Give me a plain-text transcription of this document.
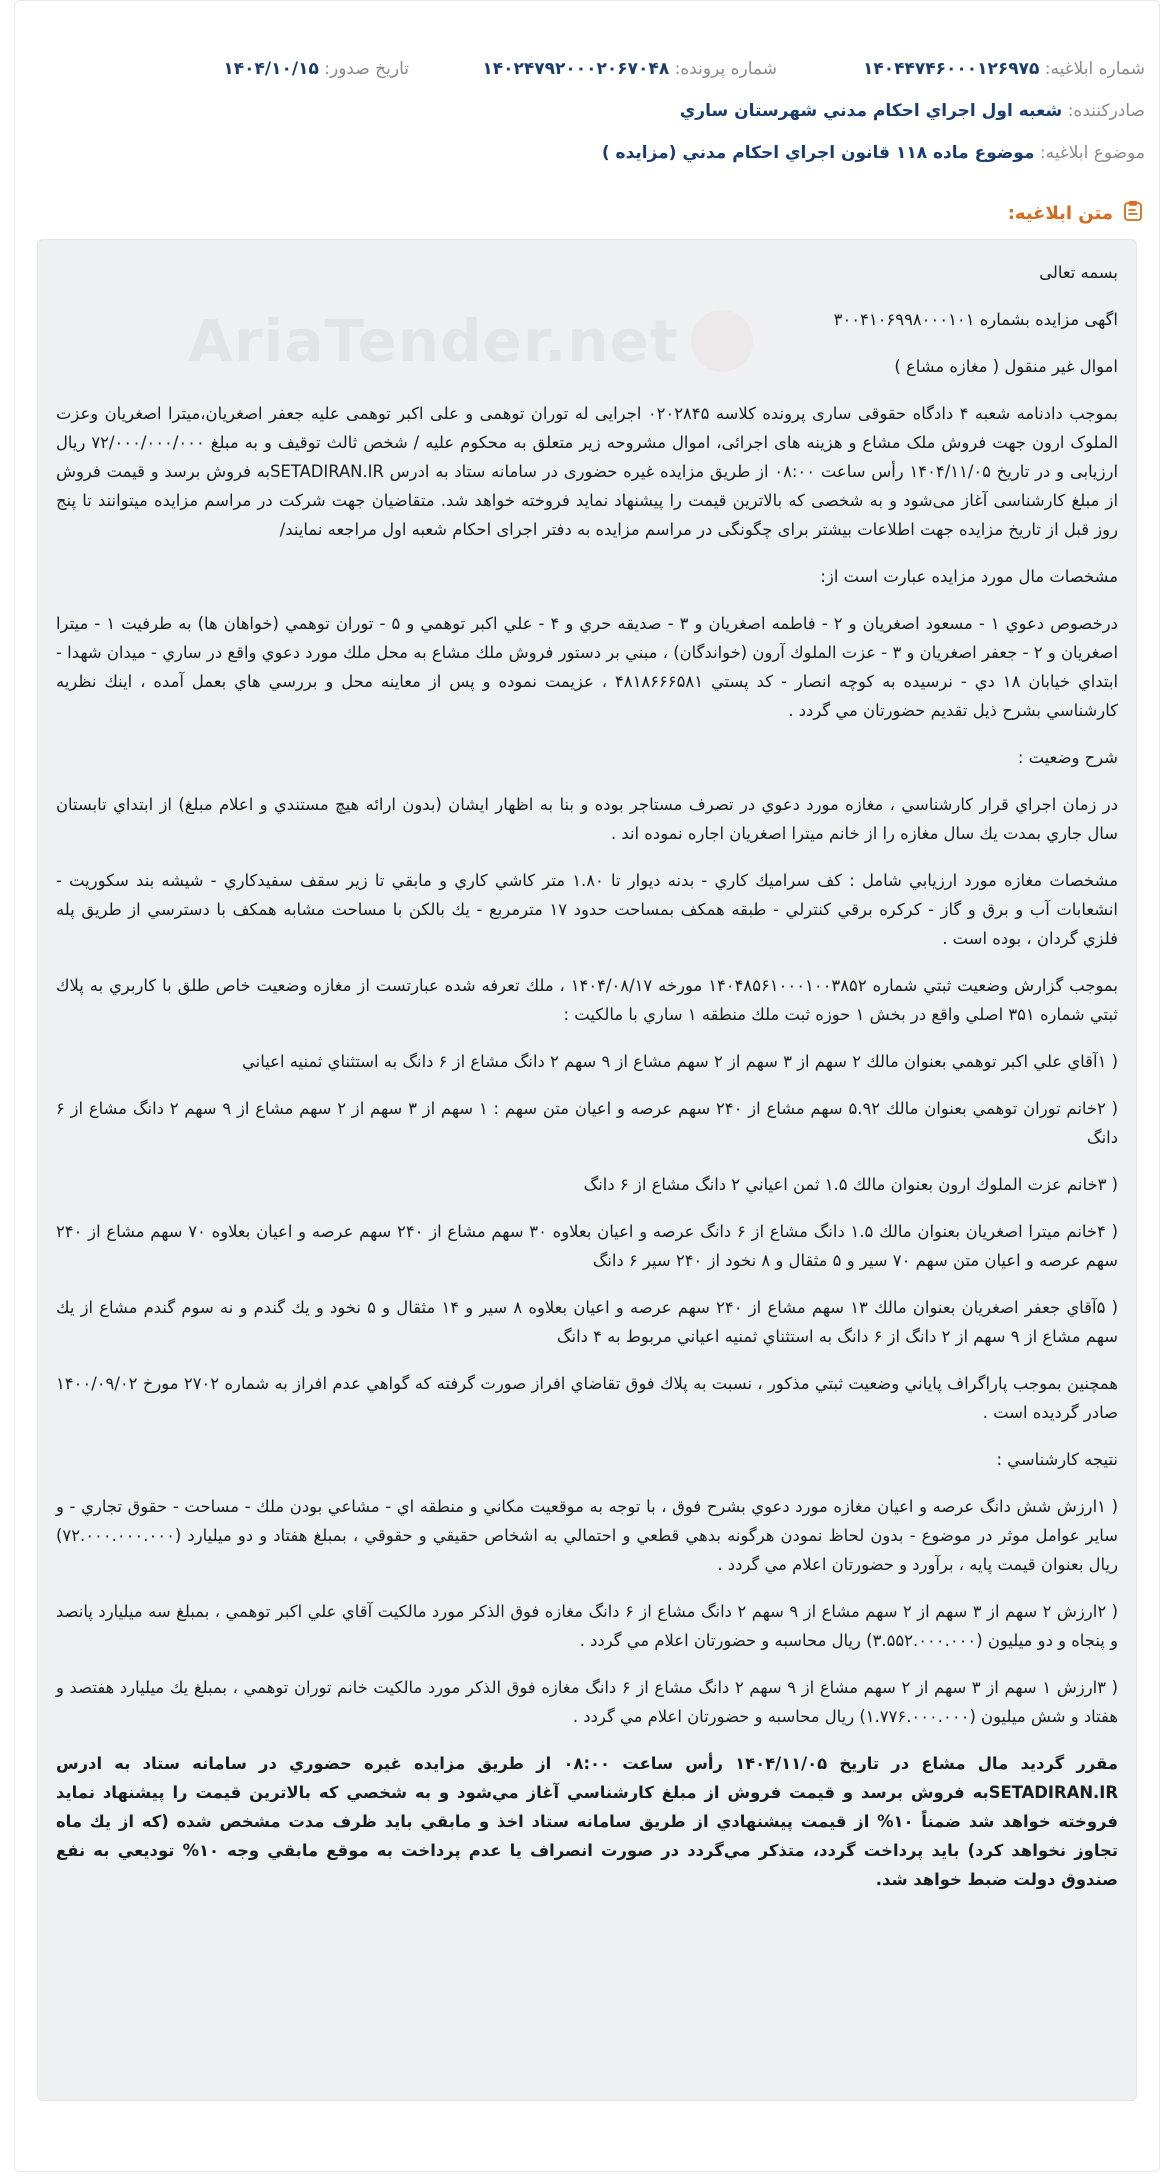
شماره ابلاغيه: ۱۴۰۴۴۷۴۶۰۰۰۱۲۶۹۷۵
شماره پرونده: ۱۴۰۲۴۷۹۲۰۰۰۲۰۶۷۰۴۸
تاريخ صدور: ۱۴۰۴/۱۰/۱۵
صادرکننده: شعبه اول اجراي احكام مدني شهرستان ساري
موضوع ابلاغيه: موضوع ماده ۱۱۸ قانون اجراي احکام مدني (مزايده )
متن ابلاغيه:

بسمه تعالی

اگهی مزایده بشماره ۳۰۰۴۱۰۶۹۹۸۰۰۰۱۰۱

اموال غیر منقول ( مغازه مشاع )

بموجب دادنامه شعبه ۴ دادگاه حقوقی ساری پرونده کلاسه ۰۲۰۲۸۴۵ اجرایی له توران توهمی و علی اکبر توهمی علیه جعفر اصغریان،میترا اصغریان وعزت الملوک ارون جهت فروش ملک مشاع و هزینه های اجرائی، اموال مشروحه زیر متعلق به محکوم علیه / شخص ثالث توقیف و به مبلغ ۷۲/۰۰۰/۰۰۰/۰۰۰ ریال ارزیابی و در تاریخ ۱۴۰۴/۱۱/۰۵ رأس ساعت ۰۸:۰۰ از طریق مزایده غیره حضوری در سامانه ستاد به ادرس SETADIRAN.IRبه فروش برسد و قیمت فروش از مبلغ کارشناسی آغاز می‌شود و به شخصی که بالاترین قیمت را پیشنهاد نماید فروخته خواهد شد. متقاضیان جهت شرکت در مراسم مزایده میتوانند تا پنج روز قبل از تاریخ مزایده جهت اطلاعات بیشتر برای چگونگی در مراسم مزایده به دفتر اجرای احکام شعبه اول مراجعه نمایند/

مشخصات مال مورد مزایده عبارت است از:

درخصوص دعوي ۱ - مسعود اصغريان و ۲ - فاطمه اصغريان و ۳ - صديقه حري و ۴ - علي اكبر توهمي و ۵ - توران توهمي (خواهان ها) به طرفيت ۱ - ميترا اصغريان و ۲ - جعفر اصغريان و ۳ - عزت الملوك آرون (خواندگان) ، مبني بر دستور فروش ملك مشاع به محل ملك مورد دعوي واقع در ساري - ميدان شهدا - ابتداي خيابان ۱۸ دي - نرسيده به كوچه انصار - كد پستي ۴۸۱۸۶۶۶۵۸۱ ، عزيمت نموده و پس از معاينه محل و بررسي هاي بعمل آمده ، اينك نظريه كارشناسي بشرح ذيل تقديم حضورتان مي گردد .

شرح وضعيت :

در زمان اجراي قرار كارشناسي ، مغازه مورد دعوي در تصرف مستاجر بوده و بنا به اظهار ايشان (بدون ارائه هيچ مستندي و اعلام مبلغ) از ابتداي تابستان سال جاري بمدت يك سال مغازه را از خانم ميترا اصغريان اجاره نموده اند .

مشخصات مغازه مورد ارزيابي شامل : كف سراميك كاري - بدنه ديوار تا ۱.۸۰ متر كاشي كاري و مابقي تا زير سقف سفيدكاري - شيشه بند سكوريت - انشعابات آب و برق و گاز - كركره برقي كنترلي - طبقه همكف بمساحت حدود ۱۷ مترمربع - يك بالكن با مساحت مشابه همكف با دسترسي از طريق پله فلزي گردان ، بوده است .

بموجب گزارش وضعيت ثبتي شماره ۱۴۰۴۸۵۶۱۰۰۰۱۰۰۳۸۵۲ مورخه ۱۴۰۴/۰۸/۱۷ ، ملك تعرفه شده عبارتست از مغازه وضعيت خاص طلق با كاربري به پلاك ثبتي شماره ۳۵۱ اصلي واقع در بخش ۱ حوزه ثبت ملك منطقه ۱ ساري با مالكيت :

( ۱آقاي علي اكبر توهمي بعنوان مالك ۲ سهم از ۳ سهم از ۲ سهم مشاع از ۹ سهم ۲ دانگ مشاع از ۶ دانگ به استثناي ثمنيه اعياني

( ۲خانم توران توهمي بعنوان مالك ۵.۹۲ سهم مشاع از ۲۴۰ سهم عرصه و اعيان متن سهم : ۱ سهم از ۳ سهم از ۲ سهم مشاع از ۹ سهم ۲ دانگ مشاع از ۶ دانگ

( ۳خانم عزت الملوك ارون بعنوان مالك ۱.۵ ثمن اعياني ۲ دانگ مشاع از ۶ دانگ

( ۴خانم ميترا اصغريان بعنوان مالك ۱.۵ دانگ مشاع از ۶ دانگ عرصه و اعيان بعلاوه ۳۰ سهم مشاع از ۲۴۰ سهم عرصه و اعيان بعلاوه ۷۰ سهم مشاع از ۲۴۰ سهم عرصه و اعيان متن سهم ۷۰ سير و ۵ مثقال و ۸ نخود از ۲۴۰ سير ۶ دانگ

( ۵آقاي جعفر اصغريان بعنوان مالك ۱۳ سهم مشاع از ۲۴۰ سهم عرصه و اعيان بعلاوه ۸ سير و ۱۴ مثقال و ۵ نخود و يك گندم و نه سوم گندم مشاع از يك سهم مشاع از ۹ سهم از ۲ دانگ از ۶ دانگ به استثناي ثمنيه اعياني مربوط به ۴ دانگ

همچنين بموجب پاراگراف پاياني وضعيت ثبتي مذكور ، نسبت به پلاك فوق تقاضاي افراز صورت گرفته كه گواهي عدم افراز به شماره ۲۷۰۲ مورخ ۱۴۰۰/۰۹/۰۲ صادر گرديده است .

نتيجه كارشناسي :

( ۱ارزش شش دانگ عرصه و اعيان مغازه مورد دعوي بشرح فوق ، با توجه به موقعيت مكاني و منطقه اي - مشاعي بودن ملك - مساحت - حقوق تجاري - و ساير عوامل موثر در موضوع - بدون لحاظ نمودن هرگونه بدهي قطعي و احتمالي به اشخاص حقيقي و حقوقي ، بمبلغ هفتاد و دو ميليارد (۷۲.۰۰۰.۰۰۰.۰۰۰) ريال بعنوان قيمت پايه ، برآورد و حضورتان اعلام مي گردد .

( ۲ارزش ۲ سهم از ۳ سهم از ۲ سهم مشاع از ۹ سهم ۲ دانگ مشاع از ۶ دانگ مغازه فوق الذكر مورد مالكيت آقاي علي اكبر توهمي ، بمبلغ سه ميليارد پانصد و پنجاه و دو ميليون (۳.۵۵۲.۰۰۰.۰۰۰) ريال محاسبه و حضورتان اعلام مي گردد .

( ۳ارزش ۱ سهم از ۳ سهم از ۲ سهم مشاع از ۹ سهم ۲ دانگ مشاع از ۶ دانگ مغازه فوق الذكر مورد مالكيت خانم توران توهمي ، بمبلغ يك ميليارد هفتصد و هفتاد و شش ميليون (۱.۷۷۶.۰۰۰.۰۰۰) ريال محاسبه و حضورتان اعلام مي گردد .

مقرر گرديد مال مشاع در تاريخ ۱۴۰۴/۱۱/۰۵ رأس ساعت ۰۸:۰۰ از طريق مزايده غيره حضوري در سامانه ستاد به ادرس SETADIRAN.IRبه فروش برسد و قيمت فروش از مبلغ كارشناسي آغاز مي‌شود و به شخصي كه بالاترين قيمت را پيشنهاد نمايد فروخته خواهد شد ضمناً ۱۰% از قيمت پيشنهادي از طريق سامانه ستاد اخذ و مابقي بايد ظرف مدت مشخص شده (كه از يك ماه تجاوز نخواهد كرد) بايد پرداخت گردد، متذكر مي‌گردد در صورت انصراف يا عدم پرداخت به موقع مابقي وجه ۱۰% توديعي به نفع صندوق دولت ضبط خواهد شد.
